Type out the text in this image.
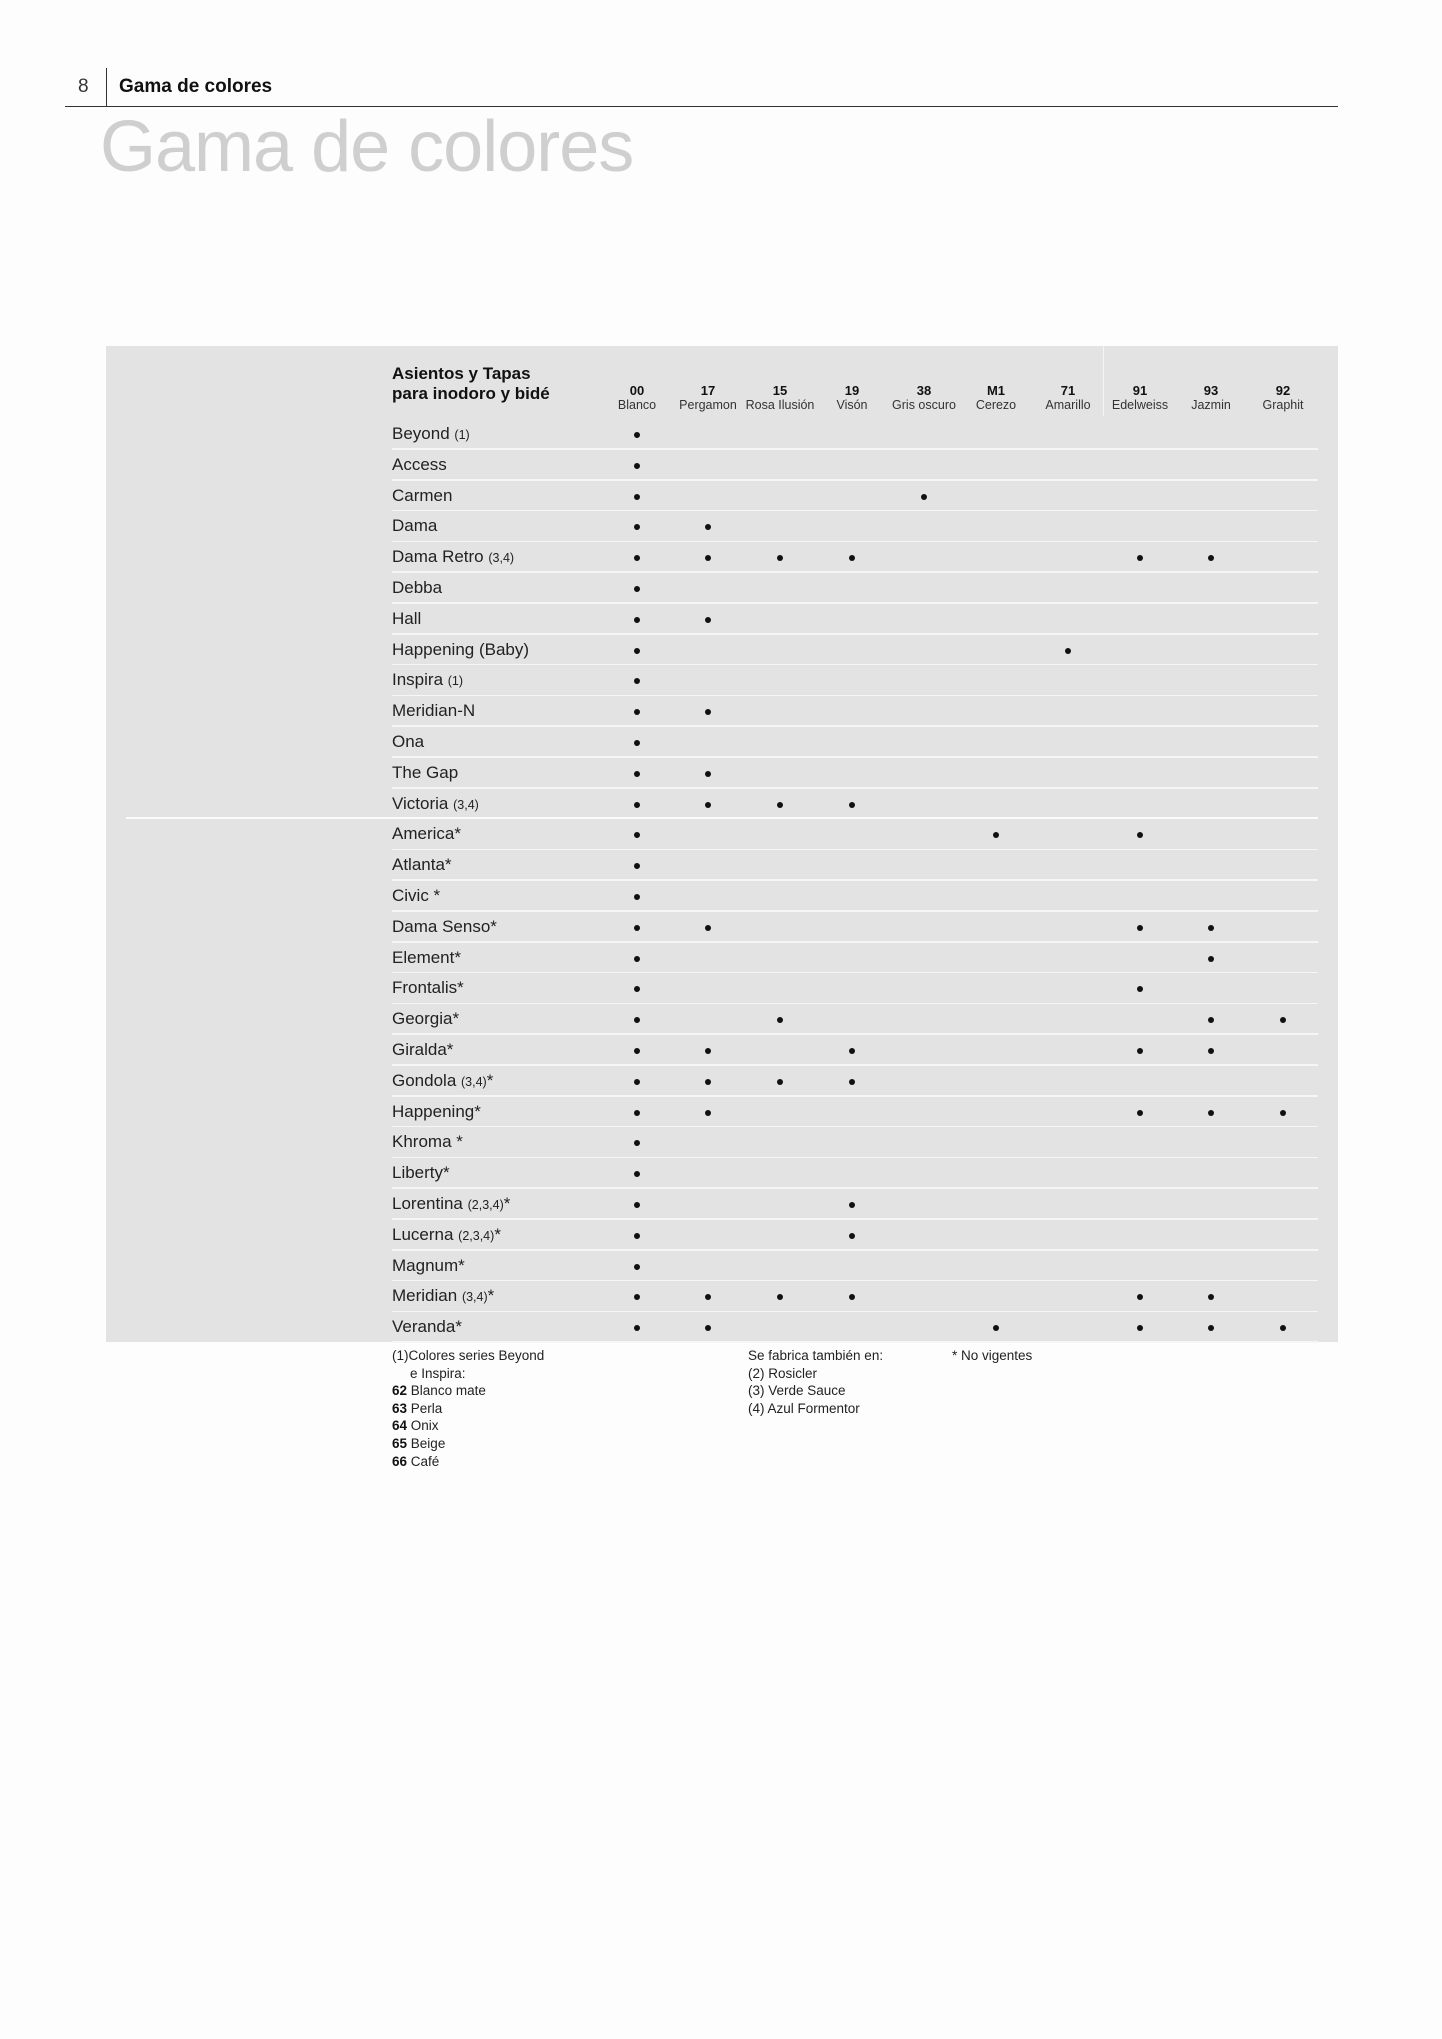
8 Gama de colores
Gama de colores
Asientos y Tapas
para inodoro y bidé	00
Blanco
17
Pergamon
15
Rosa Ilusión
19
Visón
38
Gris oscuro
M1
Cerezo
71
Amarillo
91
Edelweiss
93
Jazmin
92
Graphit
Beyond (1)
Access
Carmen
Dama
Dama Retro (3,4)
Debba
Hall
Happening (Baby)
Inspira (1)
Meridian-N
Ona
The Gap
Victoria (3,4)
America*
Atlanta*
Civic *
Dama Senso*
Element*
Frontalis*
Georgia*
Giralda*
Gondola (3,4)*
Happening*
Khroma *
Liberty*
Lorentina (2,3,4)*
Lucerna (2,3,4)*
Magnum*
Meridian (3,4)*
Veranda*
(1)Colores series Beyond
e Inspira:
62 Blanco mate
63 Perla
64 Onix
65 Beige
66 Café
Se fabrica también en:
(2) Rosicler
(3) Verde Sauce
(4) Azul Formentor
* No vigentes
